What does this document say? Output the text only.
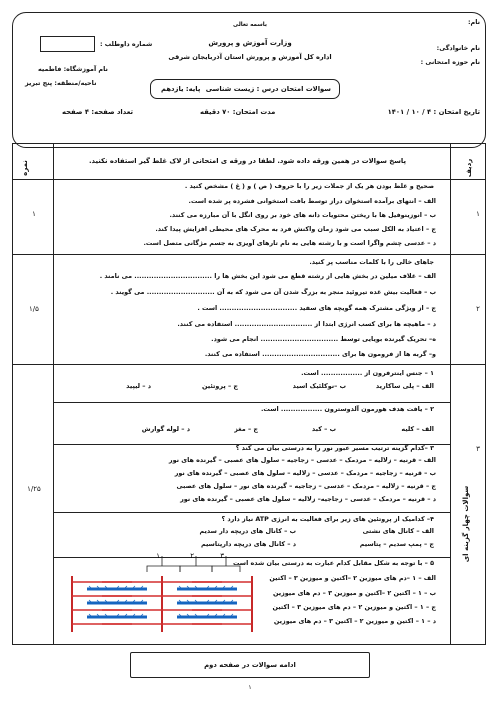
نام:
نام خانوادگی:
نام حوزه امتحانی :
باسمه تعالی
وزارت آموزش و پرورش
اداره کل آموزش و پرورش استان آذربایجان شرقی
شماره داوطلب :
نام آموزشگاه: فاطمیه
ناحیه/منطقه: پنج تبریز
سوالات امتحان درس : زیست شناسی
پایه: یازدهم
تاریخ امتحان : ۴ / ۱۰ / ۱۴۰۱
مدت امتحان: ۷۰ دقیقه
تعداد صفحه: ۴ صفحه
ردیف
نمره	پاسخ سوالات در همین ورقه داده شود. لطفا در ورقه ی امتحانی از لاک غلط گیر استفاده نکنید.
۱
۱
صحیح و غلط بودن هر یک از جملات زیر را با حروف ( ص ) و ( غ ) مشخص کنید .
الف – انتهای برآمده استخوان دراز توسط بافت استخوانی فشرده پر شده است.
ب – انوزینوفیل ها با ریختن محتویات دانه های خود بر روی انگل با آن مبارزه می کنند.
ج – اعتیاد به الکل سبب می شود زمان واکنش فرد به محرک های محیطی افزایش پیدا کند.
د – عدسی چشم واگرا است و با رشته هایی به نام تارهای آویزی به جسم مژگانی متصل است.
۲
۱/۵
جاهای خالی را با کلمات مناسب پر کنید.
الف – غلاف میلین در بخش هایی از رشته قطع می شود این بخش ها را ................................ می نامند .
ب – فعالیت بیش غده تیروئید منجر به بزرگ شدن آن می شود که به آن ............................ می گویند .
ج – از ویژگی مشترک همه گویچه های سفید ................................ است .
د – ماهیچه ها برای کسب انرژی ابتدا از ................................ استفاده می کنند.
ه– تحریک گیرنده بویایی توسط ................................ انجام می شود.
و– گربه ها از فرومون ها برای ................................ استفاده می کنند.
۳
۱/۲۵	سوالات چهار گزینه ای
۱ – جنس اینترفرون از ................. است.
الف – پلی ساکارید
ب –نوکلئیک اسید
ج – پروتئین
د – لیپید
۲ – یافت هدف هورمون آلدوسترون ................. است.
الف – کلیه
ب – کبد
ج – مغز
د – لوله گوارش
۳ –کدام گزینه ترتیب مسیر عبور نور را به درستی بیان می کند ؟
الف – قرنیه – زلالیه – مردمک – عدسی – زجاجیه – سلول های عصبی – گیرنده های نور
ب – قرنیه – زجاجیه – مردمک – عدسی – زلالیه – سلول های عصبی – گیرنده های نور
ج – قرنیه – زلالیه – مردمک – عدسی – زجاجیه – گیرنده های نور – سلول های عصبی
د – قرنیه – مردمک – عدسی – زجاجیه– زلالیه – سلول های عصبی – گیرنده های نور
۴– کدامیک از پروتئین های زیر برای فعالیت به انرژی ATP نیاز دارد ؟
الف – کانال های نشتی
ب – کانال های دریچه دار سدیم
ج – پمپ سدیم – پتاسیم
د – کانال های دریچه دارپتاسیم
۵ – با توجه به شکل مقابل کدام عبارت به درستی بیان شده است
الف – ۱ –دم های میوزین ۲ –اکتین و میوزین ۳ – اکتین
ب – ۱ – اکتین ۲ –اکتین و میوزین ۳ – دم های میوزین
ج – ۱ – اکتین و میوزین ۲ – دم های میوزین ۳ – اکتین
د – ۱ – اکتین و میوزین ۲ – اکتین ۳ – دم های میوزین
۱	۲	۳
ادامه سوالات در صفحه دوم
۱
